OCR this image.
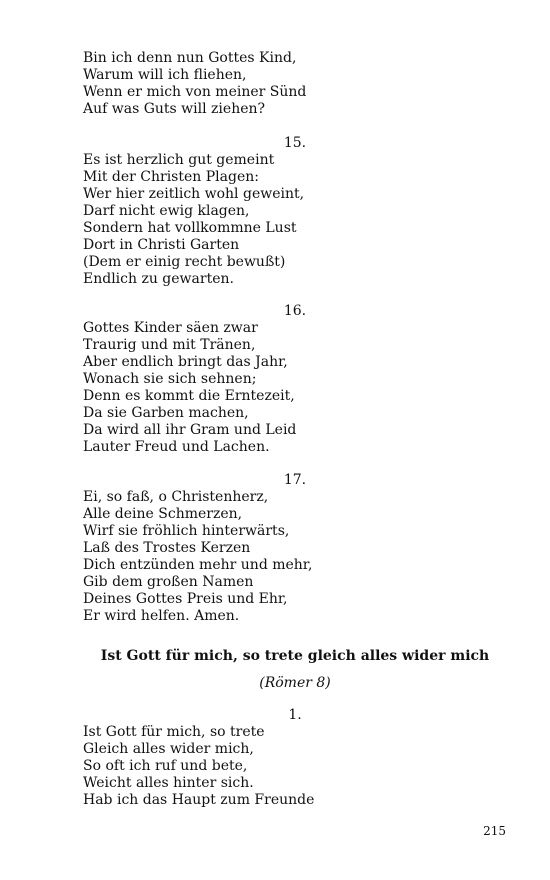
Bin ich denn nun Gottes Kind,
Warum will ich fliehen,
Wenn er mich von meiner Sünd
Auf was Guts will ziehen?
15.
Es ist herzlich gut gemeint
Mit der Christen Plagen:
Wer hier zeitlich wohl geweint,
Darf nicht ewig klagen,
Sondern hat vollkommne Lust
Dort in Christi Garten
(Dem er einig recht bewußt)
Endlich zu gewarten.
16.
Gottes Kinder säen zwar
Traurig und mit Tränen,
Aber endlich bringt das Jahr,
Wonach sie sich sehnen;
Denn es kommt die Erntezeit,
Da sie Garben machen,
Da wird all ihr Gram und Leid
Lauter Freud und Lachen.
17.
Ei, so faß, o Christenherz,
Alle deine Schmerzen,
Wirf sie fröhlich hinterwärts,
Laß des Trostes Kerzen
Dich entzünden mehr und mehr,
Gib dem großen Namen
Deines Gottes Preis und Ehr,
Er wird helfen. Amen.
Ist Gott für mich, so trete gleich alles wider mich
(Römer 8)
1.
Ist Gott für mich, so trete
Gleich alles wider mich,
So oft ich ruf und bete,
Weicht alles hinter sich.
Hab ich das Haupt zum Freunde
215
